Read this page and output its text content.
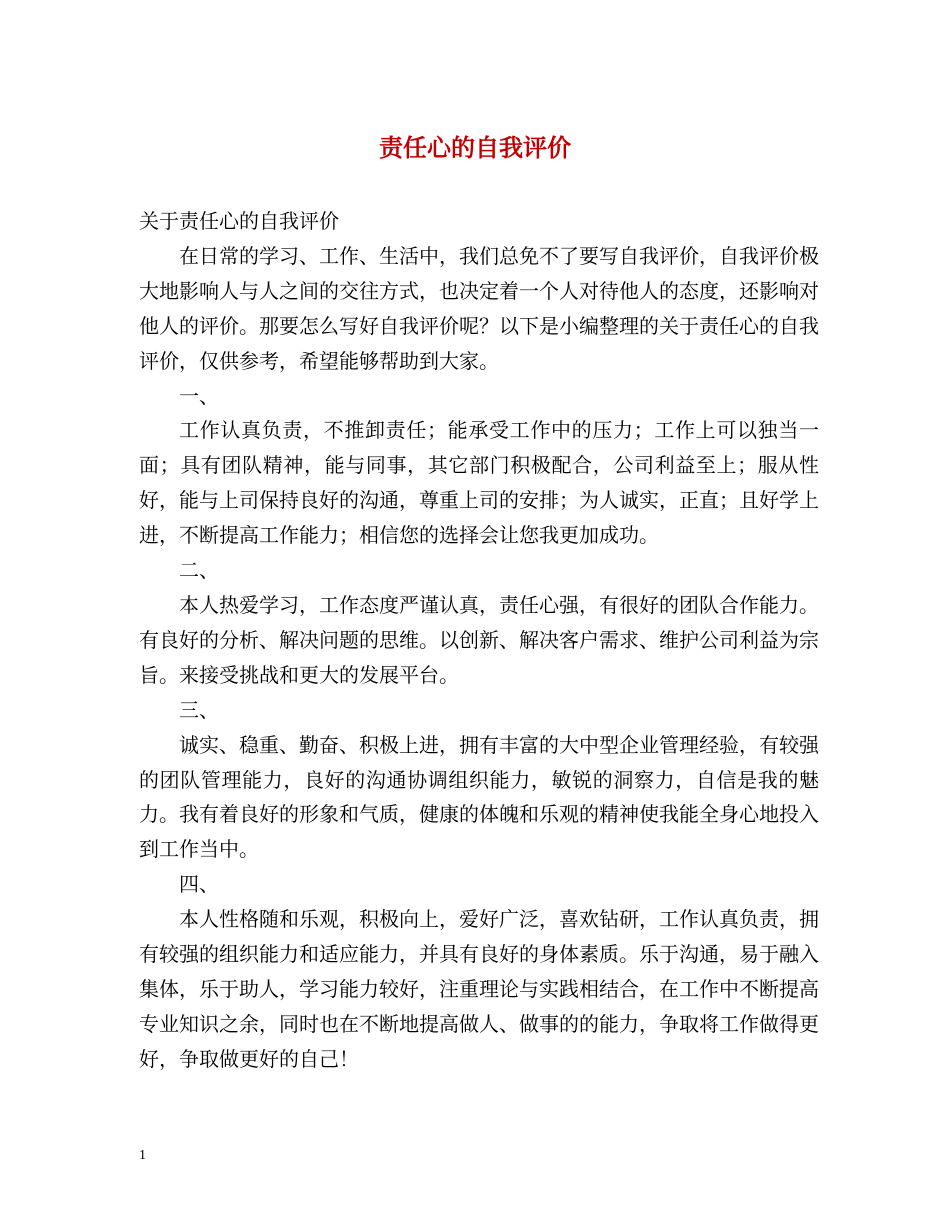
责任心的自我评价

关于责任心的自我评价

在日常的学习、工作、生活中，我们总免不了要写自我评价，自我评价极大地影响人与人之间的交往方式，也决定着一个人对待他人的态度，还影响对他人的评价。那要怎么写好自我评价呢？以下是小编整理的关于责任心的自我评价，仅供参考，希望能够帮助到大家。

一、

工作认真负责，不推卸责任；能承受工作中的压力；工作上可以独当一面；具有团队精神，能与同事，其它部门积极配合，公司利益至上；服从性好，能与上司保持良好的沟通，尊重上司的安排；为人诚实，正直；且好学上进，不断提高工作能力；相信您的选择会让您我更加成功。

二、

本人热爱学习，工作态度严谨认真，责任心强，有很好的团队合作能力。有良好的分析、解决问题的思维。以创新、解决客户需求、维护公司利益为宗旨。来接受挑战和更大的发展平台。

三、

诚实、稳重、勤奋、积极上进，拥有丰富的大中型企业管理经验，有较强的团队管理能力，良好的沟通协调组织能力，敏锐的洞察力，自信是我的魅力。我有着良好的形象和气质，健康的体魄和乐观的精神使我能全身心地投入到工作当中。

四、

本人性格随和乐观，积极向上，爱好广泛，喜欢钻研，工作认真负责，拥有较强的组织能力和适应能力，并具有良好的身体素质。乐于沟通，易于融入集体，乐于助人，学习能力较好，注重理论与实践相结合，在工作中不断提高专业知识之余，同时也在不断地提高做人、做事的的能力，争取将工作做得更好，争取做更好的自己！

1
